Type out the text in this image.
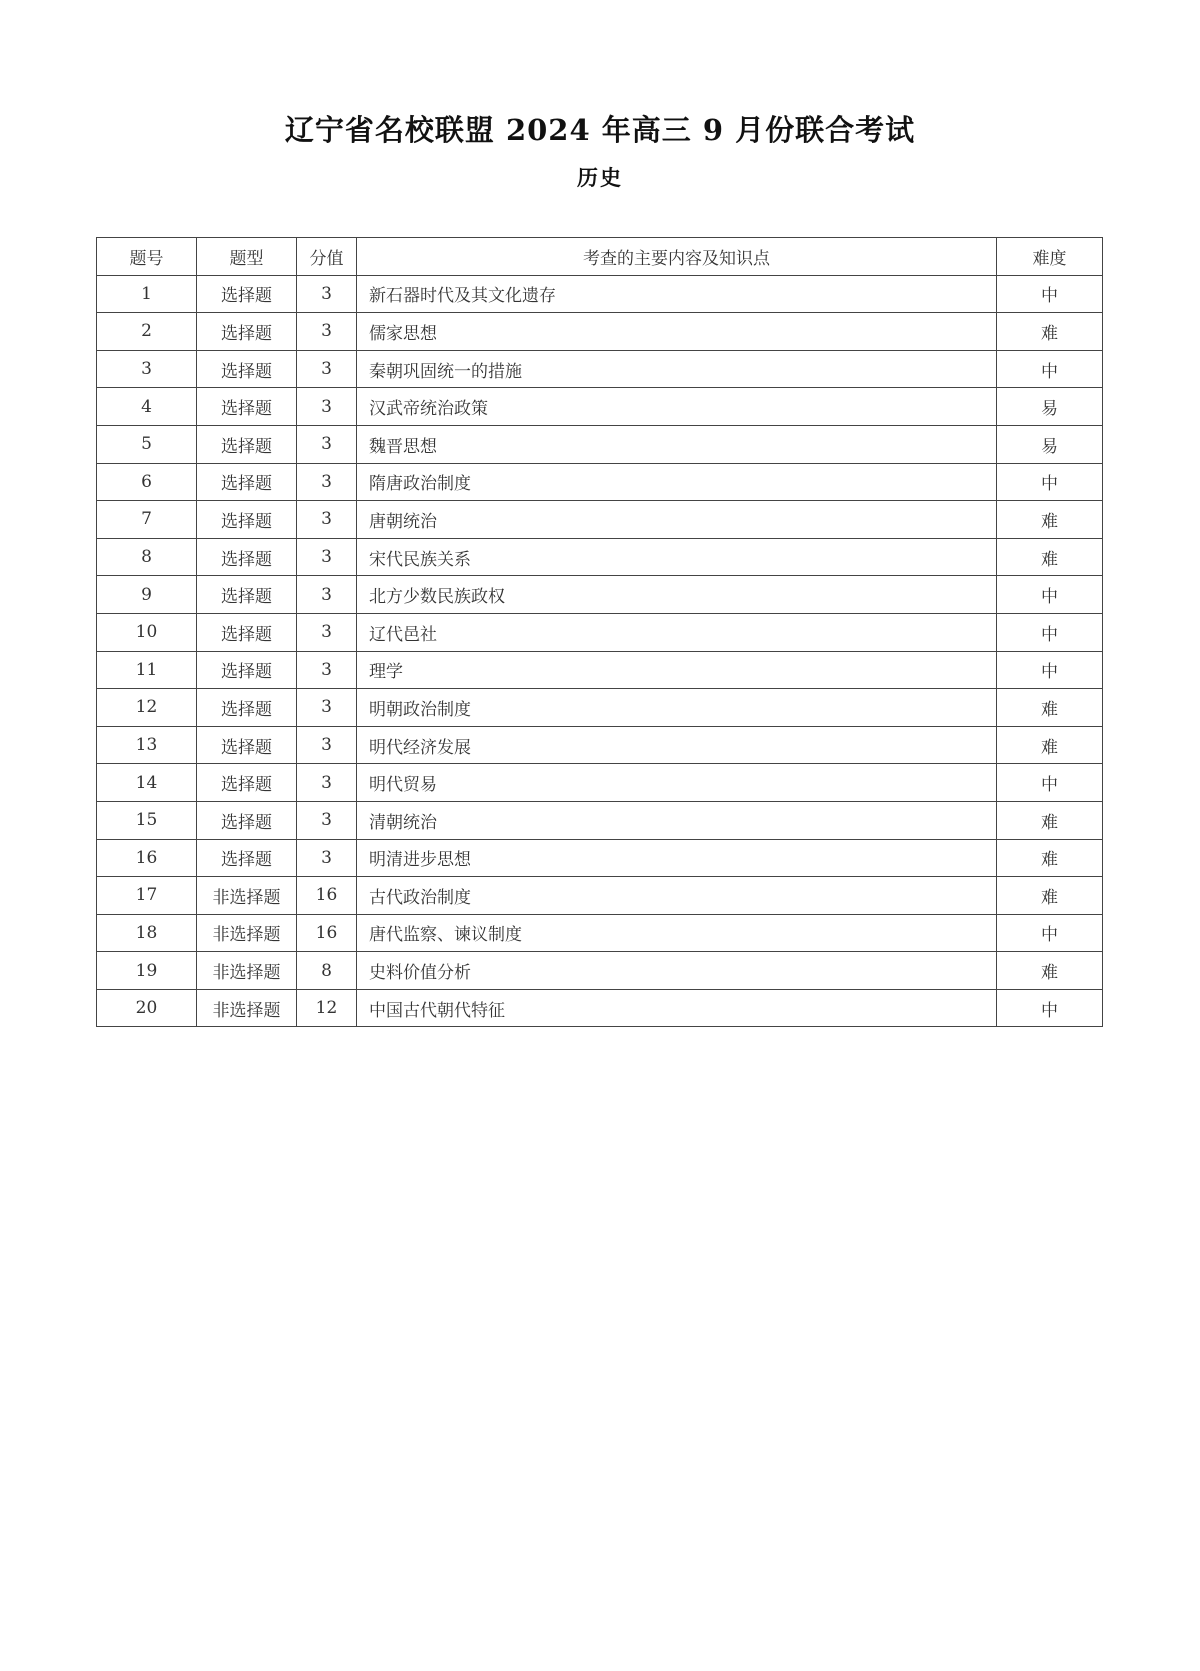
辽宁省名校联盟 2024 年高三 9 月份联合考试
历史
题号	题型	分值	考查的主要内容及知识点	难度
1	选择题	3	新石器时代及其文化遗存	中
2	选择题	3	儒家思想	难
3	选择题	3	秦朝巩固统一的措施	中
4	选择题	3	汉武帝统治政策	易
5	选择题	3	魏晋思想	易
6	选择题	3	隋唐政治制度	中
7	选择题	3	唐朝统治	难
8	选择题	3	宋代民族关系	难
9	选择题	3	北方少数民族政权	中
10	选择题	3	辽代邑社	中
11	选择题	3	理学	中
12	选择题	3	明朝政治制度	难
13	选择题	3	明代经济发展	难
14	选择题	3	明代贸易	中
15	选择题	3	清朝统治	难
16	选择题	3	明清进步思想	难
17	非选择题	16	古代政治制度	难
18	非选择题	16	唐代监察、谏议制度	中
19	非选择题	8	史料价值分析	难
20	非选择题	12	中国古代朝代特征	中
